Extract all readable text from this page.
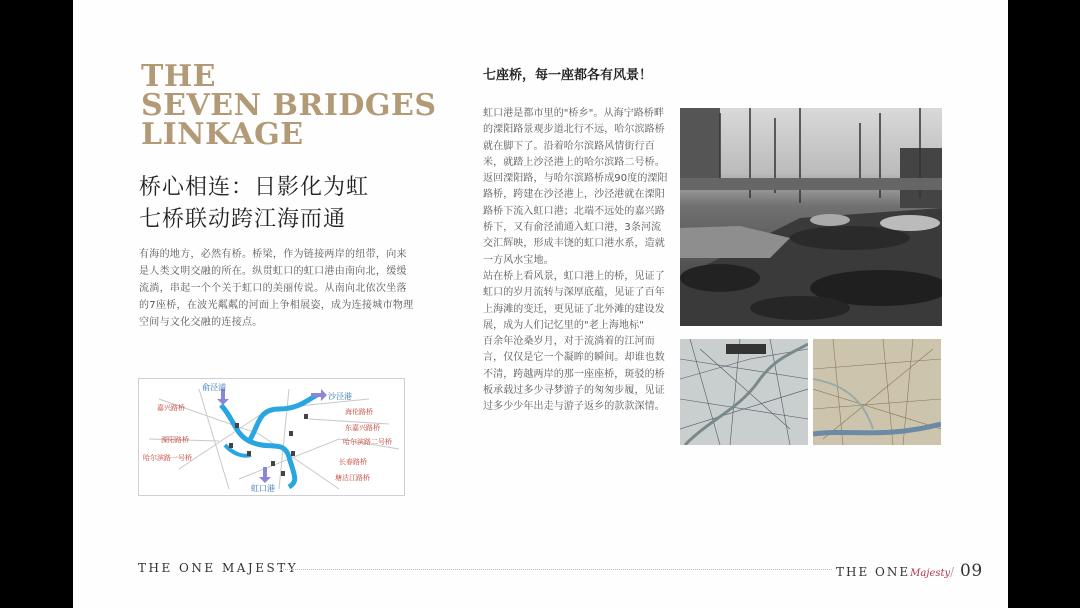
THE
SEVEN BRIDGES
LINKAGE
桥心相连：日影化为虹
七桥联动跨江海而通
有海的地方，必然有桥。桥梁，作为链接两岸的纽带，向来是人类文明交融的所在。纵贯虹口的虹口港由南向北，缓缓流淌，串起一个个关于虹口的美丽传说。从南向北依次坐落的7座桥，在波光粼粼的河面上争相展姿，成为连接城市物理空间与文化交融的连接点。
俞泾浦
沙泾港
虹口港
嘉兴路桥	海伦路桥
东嘉兴路桥
溧阳路桥	哈尔滨路二号桥
哈尔滨路一号桥	长春路桥
塘沽江路桥
七座桥，每一座都各有风景！

虹口港是都市里的"桥乡"。从海宁路桥畔的溧阳路景观步道北行不远，哈尔滨路桥就在脚下了。沿着哈尔滨路风情街行百米，就踏上沙泾港上的哈尔滨路二号桥。

返回溧阳路，与哈尔滨路桥成90度的溧阳路桥，跨建在沙泾港上，沙泾港就在溧阳路桥下流入虹口港；北端不远处的嘉兴路桥下，又有俞泾浦通入虹口港，3条河流交汇辉映，形成丰饶的虹口港水系，造就一方风水宝地。

站在桥上看风景，虹口港上的桥，见证了虹口的岁月流转与深厚底蕴，见证了百年上海滩的变迁，更见证了北外滩的建设发展，成为人们记忆里的"老上海地标"

百余年沧桑岁月，对于流淌着的江河而言，仅仅是它一个凝眸的瞬间。却谁也数不清，跨越两岸的那一座座桥，斑驳的桥板承载过多少寻梦游子的匆匆步履，见证过多少少年出走与游子返乡的款款深情。

THE ONE MAJESTY	THE ONEMajesty/ 09
